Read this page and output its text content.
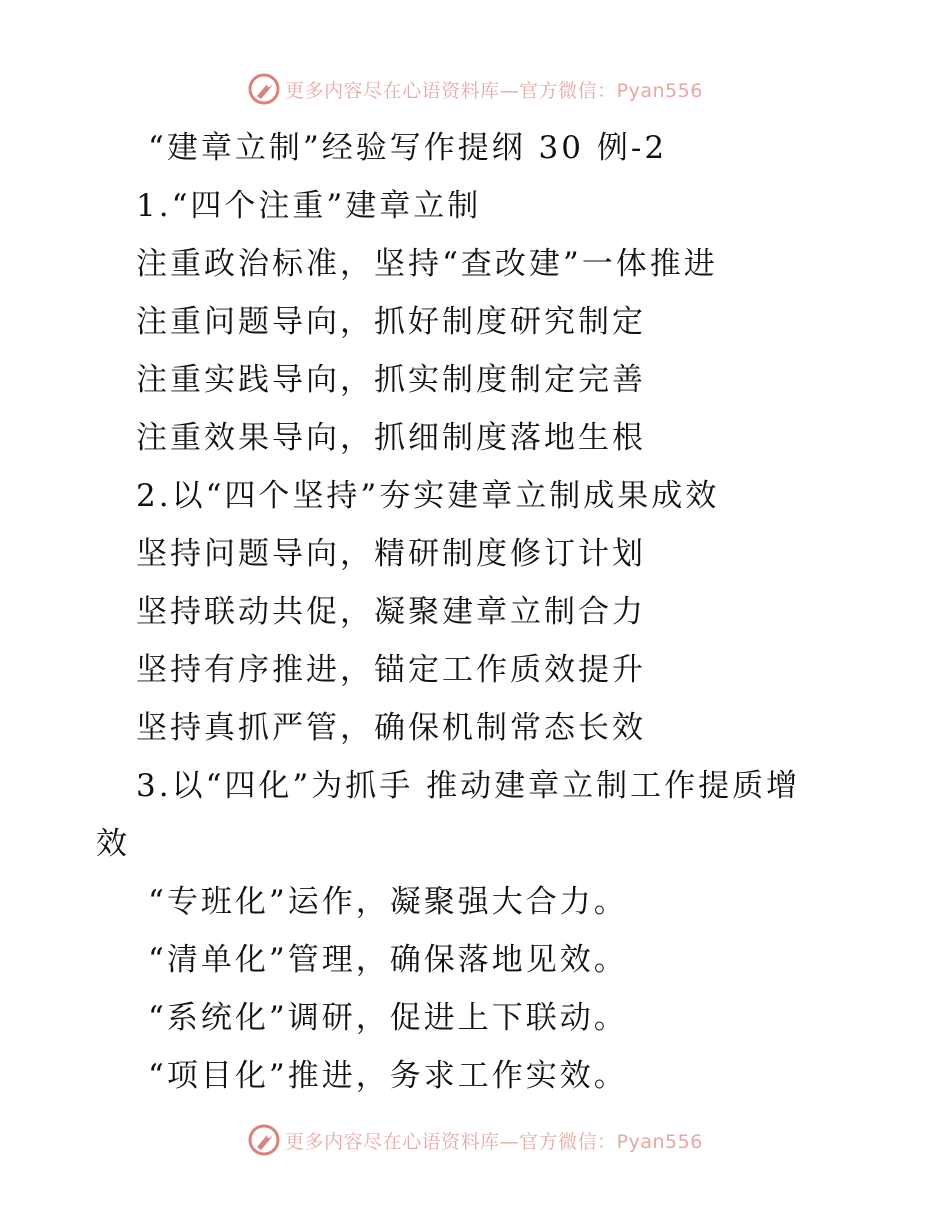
更多内容尽在心语资料库—官方微信：Pyan556
“建章立制”经验写作提纲 30 例-2
1.“四个注重”建章立制
注重政治标准，坚持“查改建”一体推进
注重问题导向，抓好制度研究制定
注重实践导向，抓实制度制定完善
注重效果导向，抓细制度落地生根
2.以“四个坚持”夯实建章立制成果成效
坚持问题导向，精研制度修订计划
坚持联动共促，凝聚建章立制合力
坚持有序推进，锚定工作质效提升
坚持真抓严管，确保机制常态长效
3.以“四化”为抓手 推动建章立制工作提质增
效
“专班化”运作，凝聚强大合力。
“清单化”管理，确保落地见效。
“系统化”调研，促进上下联动。
“项目化”推进，务求工作实效。
更多内容尽在心语资料库—官方微信：Pyan556
